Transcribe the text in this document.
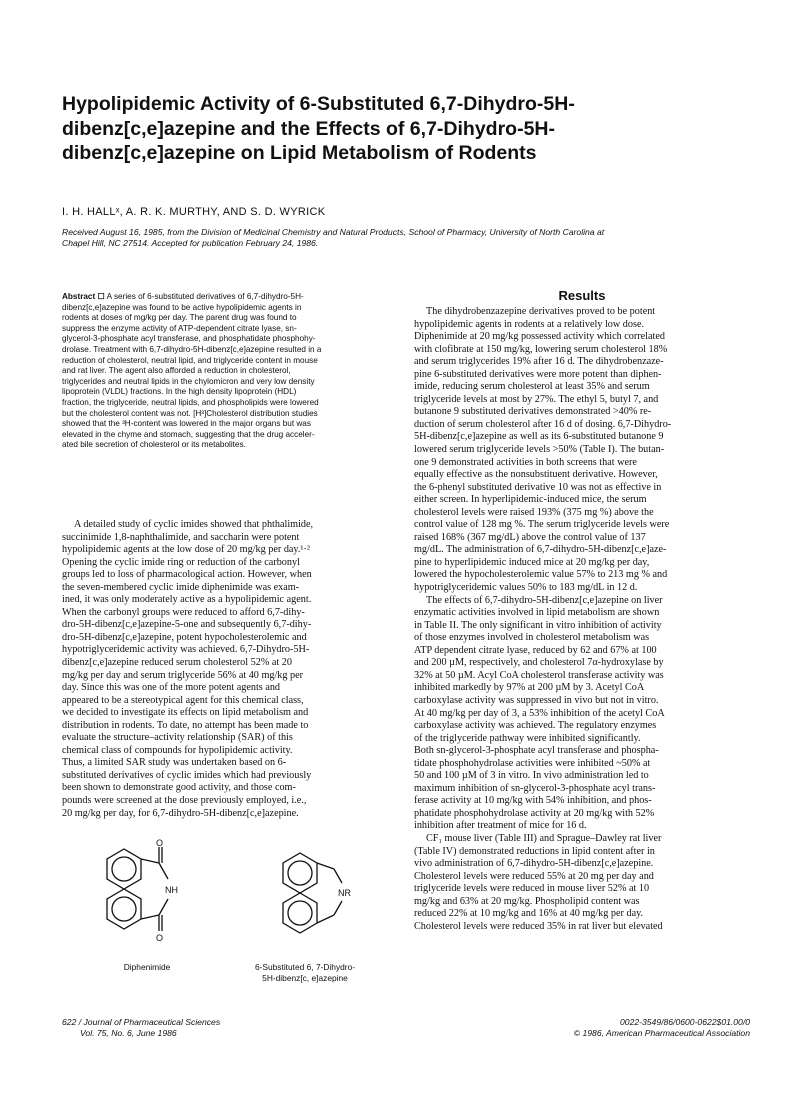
Hypolipidemic Activity of 6-Substituted 6,7-Dihydro-5H-
dibenz[c,e]azepine and the Effects of 6,7-Dihydro-5H-
dibenz[c,e]azepine on Lipid Metabolism of Rodents
I. H. HALLˣ, A. R. K. MURTHY, AND S. D. WYRICK
Received August 16, 1985, from the Division of Medicinal Chemistry and Natural Products, School of Pharmacy, University of North Carolina at
Chapel Hill, NC 27514. Accepted for publication February 24, 1986.
Abstract ☐ A series of 6-substituted derivatives of 6,7-dihydro-5H-
dibenz[c,e]azepine was found to be active hypolipidemic agents in
rodents at doses of mg/kg per day. The parent drug was found to
suppress the enzyme activity of ATP-dependent citrate lyase, sn-
glycerol-3-phosphate acyl transferase, and phosphatidate phosphohy-
drolase. Treatment with 6,7-dihydro-5H-dibenz[c,e]azepine resulted in a
reduction of cholesterol, neutral lipid, and triglyceride content in mouse
and rat liver. The agent also afforded a reduction in cholesterol,
triglycerides and neutral lipids in the chylomicron and very low density
lipoprotein (VLDL) fractions. In the high density lipoprotein (HDL)
fraction, the triglyceride, neutral lipids, and phospholipids were lowered
but the cholesterol content was not. [H³]Cholesterol distribution studies
showed that the ³H-content was lowered in the major organs but was
elevated in the chyme and stomach, suggesting that the drug acceler-
ated bile secretion of cholesterol or its metabolites.
A detailed study of cyclic imides showed that phthalimide,
succinimide 1,8-naphthalimide, and saccharin were potent
hypolipidemic agents at the low dose of 20 mg/kg per day.¹·²
Opening the cyclic imide ring or reduction of the carbonyl
groups led to loss of pharmacological action. However, when
the seven-membered cyclic imide diphenimide was exam-
ined, it was only moderately active as a hypolipidemic agent.
When the carbonyl groups were reduced to afford 6,7-dihy-
dro-5H-dibenz[c,e]azepine-5-one and subsequently 6,7-dihy-
dro-5H-dibenz[c,e]azepine, potent hypocholesterolemic and
hypotriglyceridemic activity was achieved. 6,7-Dihydro-5H-
dibenz[c,e]azepine reduced serum cholesterol 52% at 20
mg/kg per day and serum triglyceride 56% at 40 mg/kg per
day. Since this was one of the more potent agents and
appeared to be a stereotypical agent for this chemical class,
we decided to investigate its effects on lipid metabolism and
distribution in rodents. To date, no attempt has been made to
evaluate the structure–activity relationship (SAR) of this
chemical class of compounds for hypolipidemic activity.
Thus, a limited SAR study was undertaken based on 6-
substituted derivatives of cyclic imides which had previously
been shown to demonstrate good activity, and those com-
pounds were screened at the dose previously employed, i.e.,
20 mg/kg per day, for 6,7-dihydro-5H-dibenz[c,e]azepine.
O
NH
O
NR
Diphenimide	6-Substituted 6, 7-Dihydro-
5H-dibenz[c, e]azepine
Results
The dihydrobenzazepine derivatives proved to be potent
hypolipidemic agents in rodents at a relatively low dose.
Diphenimide at 20 mg/kg possessed activity which correlated
with clofibrate at 150 mg/kg, lowering serum cholesterol 18%
and serum triglycerides 19% after 16 d. The dihydrobenzaze-
pine 6-substituted derivatives were more potent than diphen-
imide, reducing serum cholesterol at least 35% and serum
triglyceride levels at most by 27%. The ethyl 5, butyl 7, and
butanone 9 substituted derivatives demonstrated >40% re-
duction of serum cholesterol after 16 d of dosing. 6,7-Dihydro-
5H-dibenz[c,e]azepine as well as its 6-substituted butanone 9
lowered serum triglyceride levels >50% (Table I). The butan-
one 9 demonstrated activities in both screens that were
equally effective as the nonsubstituent derivative. However,
the 6-phenyl substituted derivative 10 was not as effective in
either screen. In hyperlipidemic-induced mice, the serum
cholesterol levels were raised 193% (375 mg %) above the
control value of 128 mg %. The serum triglyceride levels were
raised 168% (367 mg/dL) above the control value of 137
mg/dL. The administration of 6,7-dihydro-5H-dibenz[c,e]aze-
pine to hyperlipidemic induced mice at 20 mg/kg per day,
lowered the hypocholesterolemic value 57% to 213 mg % and
hypotriglyceridemic values 50% to 183 mg/dL in 12 d.
The effects of 6,7-dihydro-5H-dibenz[c,e]azepine on liver
enzymatic activities involved in lipid metabolism are shown
in Table II. The only significant in vitro inhibition of activity
of those enzymes involved in cholesterol metabolism was
ATP dependent citrate lyase, reduced by 62 and 67% at 100
and 200 µM, respectively, and cholesterol 7α-hydroxylase by
32% at 50 µM. Acyl CoA cholesterol transferase activity was
inhibited markedly by 97% at 200 µM by 3. Acetyl CoA
carboxylase activity was suppressed in vivo but not in vitro.
At 40 mg/kg per day of 3, a 53% inhibition of the acetyl CoA
carboxylase activity was achieved. The regulatory enzymes
of the triglyceride pathway were inhibited significantly.
Both sn-glycerol-3-phosphate acyl transferase and phospha-
tidate phosphohydrolase activities were inhibited ~50% at
50 and 100 µM of 3 in vitro. In vivo administration led to
maximum inhibition of sn-glycerol-3-phosphate acyl trans-
ferase activity at 10 mg/kg with 54% inhibition, and phos-
phatidate phosphohydrolase activity at 20 mg/kg with 52%
inhibition after treatment of mice for 16 d.
CF₁ mouse liver (Table III) and Sprague–Dawley rat liver
(Table IV) demonstrated reductions in lipid content after in
vivo administration of 6,7-dihydro-5H-dibenz[c,e]azepine.
Cholesterol levels were reduced 55% at 20 mg per day and
triglyceride levels were reduced in mouse liver 52% at 10
mg/kg and 63% at 20 mg/kg. Phospholipid content was
reduced 22% at 10 mg/kg and 16% at 40 mg/kg per day.
Cholesterol levels were reduced 35% in rat liver but elevated
622 / Journal of Pharmaceutical Sciences
Vol. 75, No. 6, June 1986
0022-3549/86/0600-0622$01.00/0
© 1986, American Pharmaceutical Association
